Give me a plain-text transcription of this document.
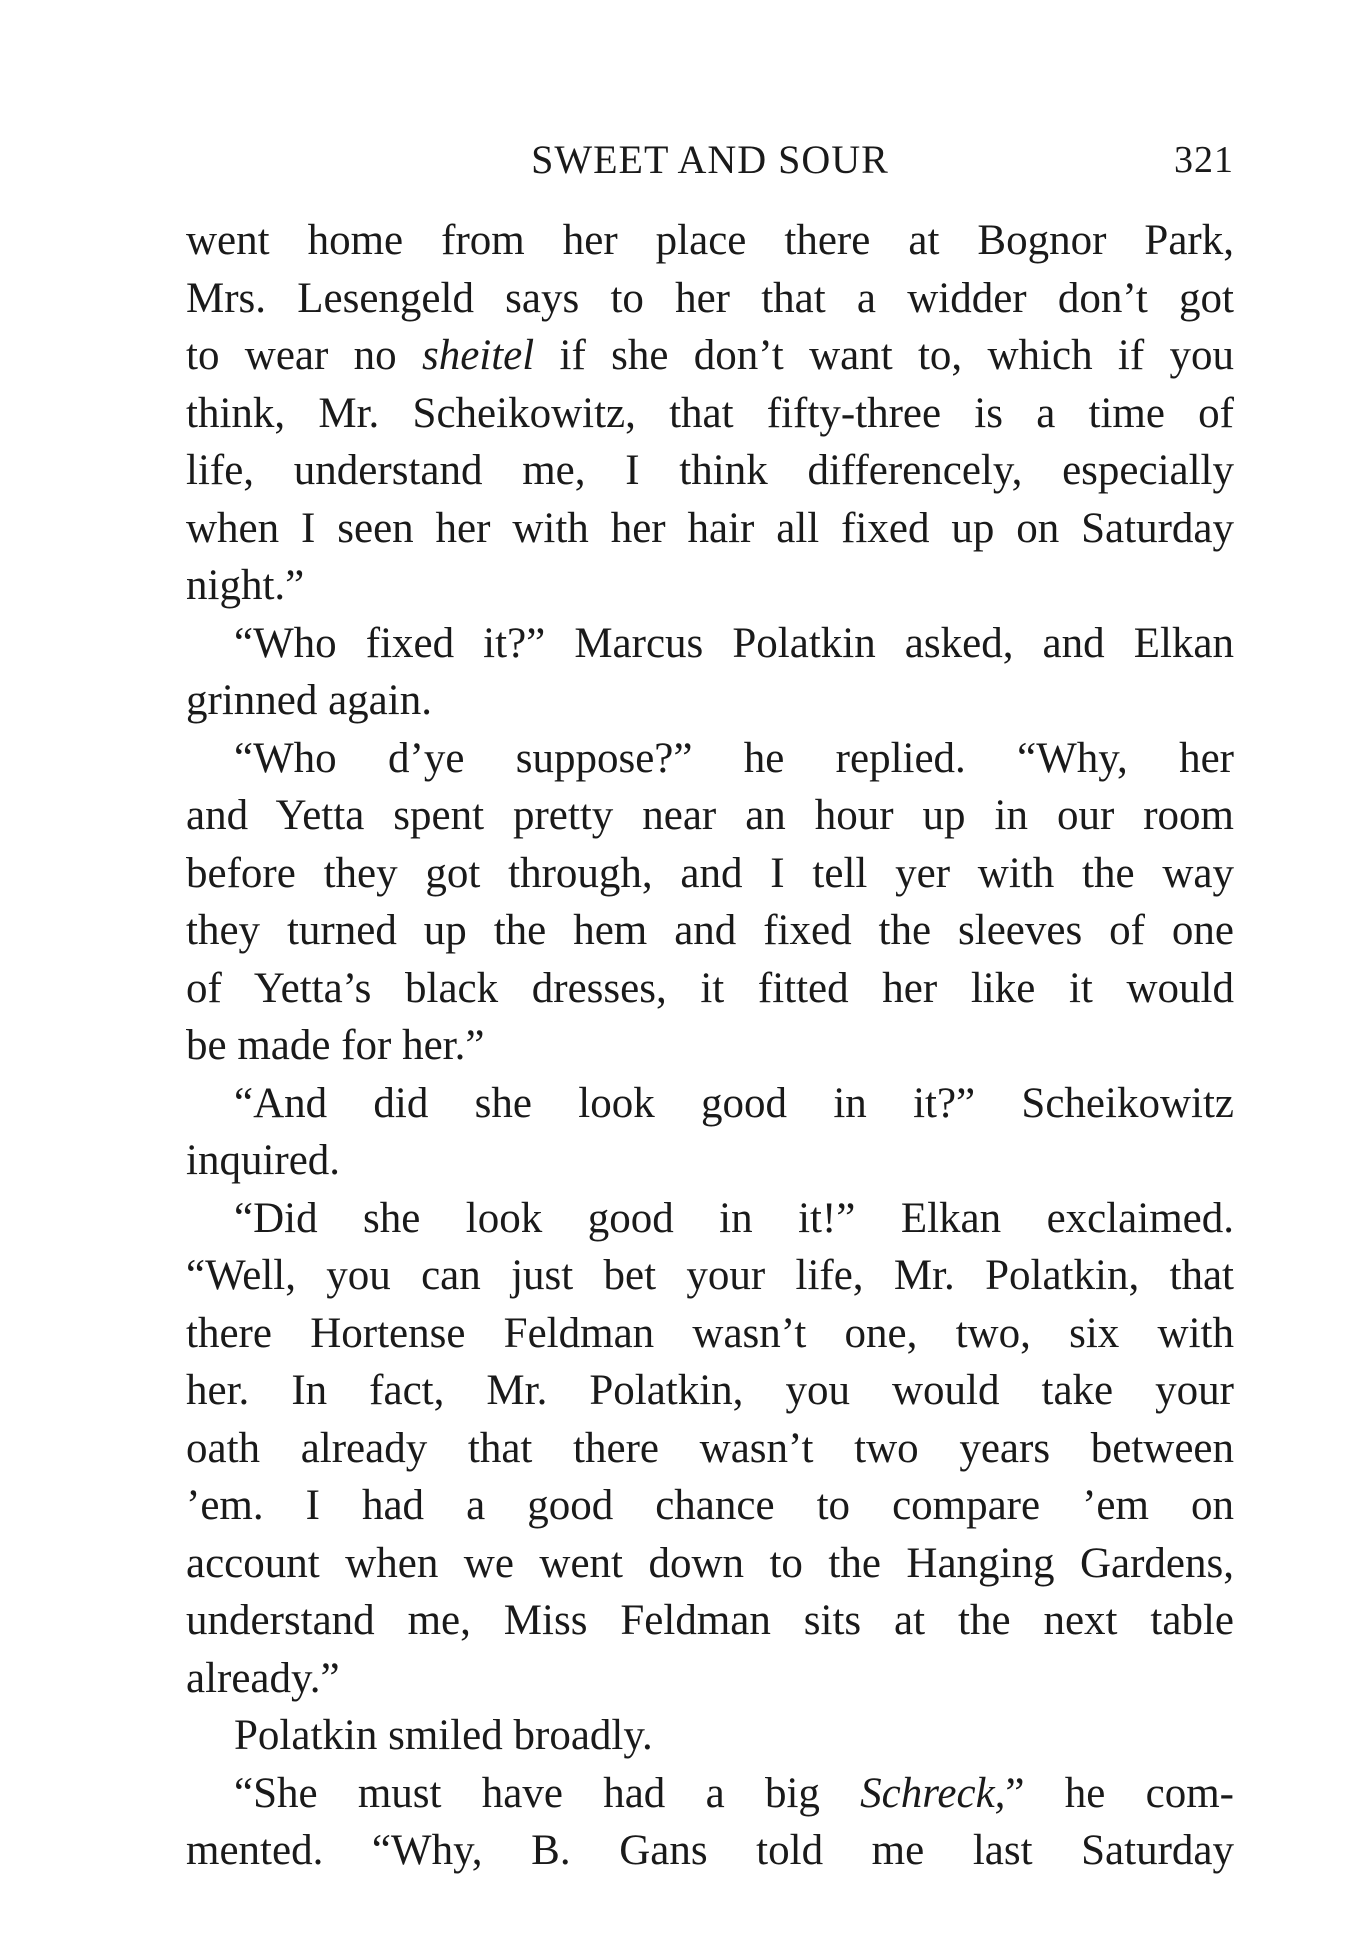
SWEET AND SOUR	321
went home from her place there at Bognor Park,
Mrs. Lesengeld says to her that a widder don’t got
to wear no sheitel if she don’t want to, which if you
think, Mr. Scheikowitz, that fifty-three is a time of
life, understand me, I think differencely, especially
when I seen her with her hair all fixed up on Saturday
night.”
“Who fixed it?” Marcus Polatkin asked, and Elkan
grinned again.
“Who d’ye suppose?” he replied. “Why, her
and Yetta spent pretty near an hour up in our room
before they got through, and I tell yer with the way
they turned up the hem and fixed the sleeves of one
of Yetta’s black dresses, it fitted her like it would
be made for her.”
“And did she look good in it?” Scheikowitz
inquired.
“Did she look good in it!” Elkan exclaimed.
“Well, you can just bet your life, Mr. Polatkin, that
there Hortense Feldman wasn’t one, two, six with
her. In fact, Mr. Polatkin, you would take your
oath already that there wasn’t two years between
’em. I had a good chance to compare ’em on
account when we went down to the Hanging Gardens,
understand me, Miss Feldman sits at the next table
already.”
Polatkin smiled broadly.
“She must have had a big Schreck,” he com-
mented. “Why, B. Gans told me last Saturday
